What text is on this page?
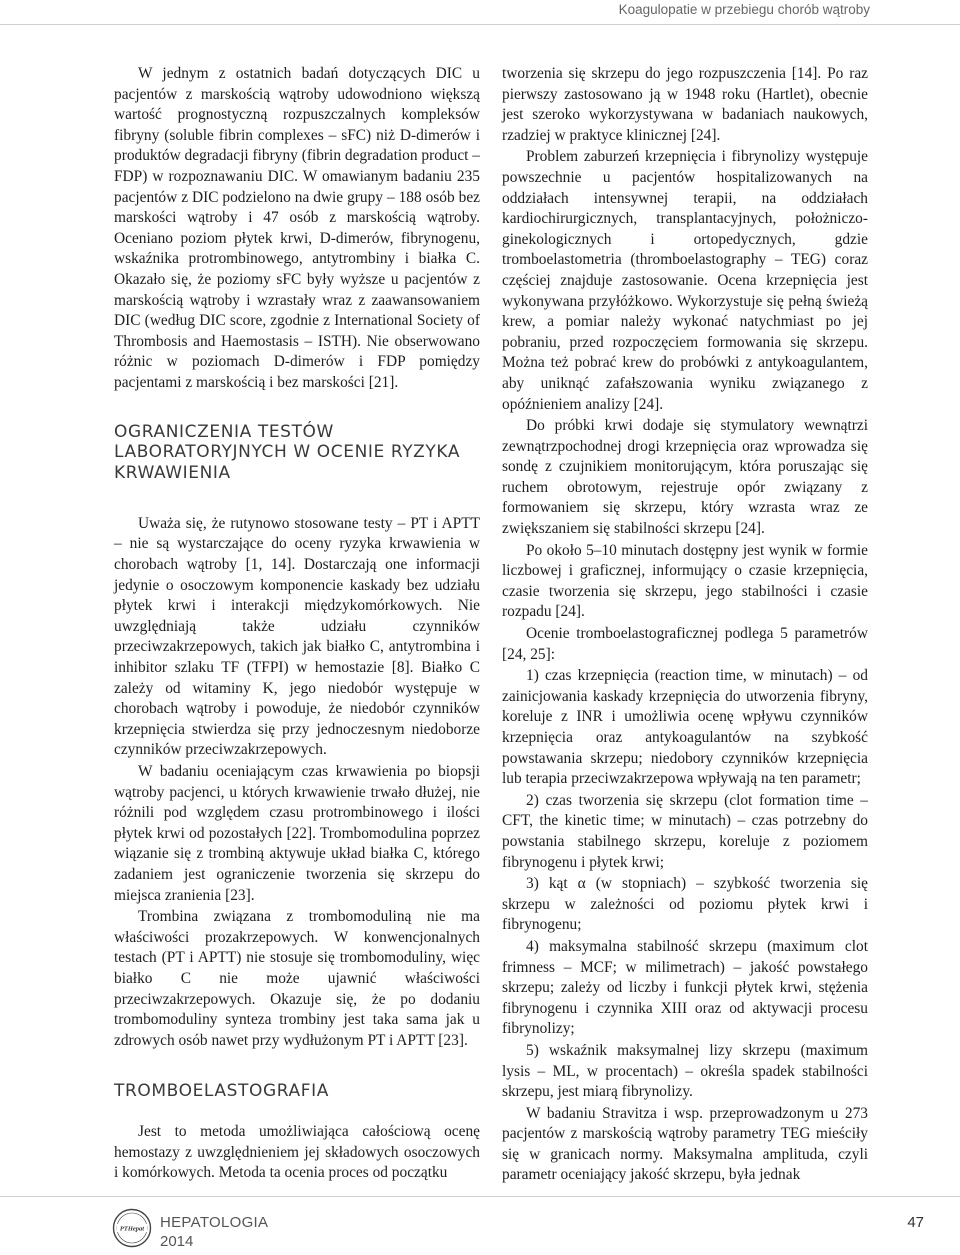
Koagulopatie w przebiegu chorób wątroby

W jednym z ostatnich badań dotyczących DIC u pacjentów z marskością wątroby udowodniono większą wartość prognostyczną rozpuszczalnych kompleksów fibryny (soluble fibrin complexes – sFC) niż D-dimerów i produktów degradacji fibryny (fibrin degradation product – FDP) w rozpoznawaniu DIC. W omawianym badaniu 235 pacjentów z DIC podzielono na dwie grupy – 188 osób bez marskości wątroby i 47 osób z marskością wątroby. Oceniano poziom płytek krwi, D-dimerów, fibrynogenu, wskaźnika protrombinowego, antytrombiny i białka C. Okazało się, że poziomy sFC były wyższe u pacjentów z marskością wątroby i wzrastały wraz z zaawansowaniem DIC (według DIC score, zgodnie z International Society of Thrombosis and Haemostasis – ISTH). Nie obserwowano różnic w poziomach D-dimerów i FDP pomiędzy pacjentami z marskością i bez marskości [21].

OGRANICZENIA TESTÓW LABORATORYJNYCH W OCENIE RYZYKA KRWAWIENIA

Uważa się, że rutynowo stosowane testy – PT i APTT – nie są wystarczające do oceny ryzyka krwawienia w chorobach wątroby [1, 14]. Dostarczają one informacji jedynie o osoczowym komponencie kaskady bez udziału płytek krwi i interakcji międzykomórkowych. Nie uwzględniają także udziału czynników przeciwzakrzepowych, takich jak białko C, antytrombina i inhibitor szlaku TF (TFPI) w hemostazie [8]. Białko C zależy od witaminy K, jego niedobór występuje w chorobach wątroby i powoduje, że niedobór czynników krzepnięcia stwierdza się przy jednoczesnym niedoborze czynników przeciwzakrzepowych.

W badaniu oceniającym czas krwawienia po biopsji wątroby pacjenci, u których krwawienie trwało dłużej, nie różnili pod względem czasu protrombinowego i ilości płytek krwi od pozostałych [22]. Trombomodulina poprzez wiązanie się z trombiną aktywuje układ białka C, którego zadaniem jest ograniczenie tworzenia się skrzepu do miejsca zranienia [23].

Trombina związana z trombomoduliną nie ma właściwości prozakrzepowych. W konwencjonalnych testach (PT i APTT) nie stosuje się trombomoduliny, więc białko C nie może ujawnić właściwości przeciwzakrzepowych. Okazuje się, że po dodaniu trombomoduliny synteza trombiny jest taka sama jak u zdrowych osób nawet przy wydłużonym PT i APTT [23].

TROMBOELASTOGRAFIA

Jest to metoda umożliwiająca całościową ocenę hemostazy z uwzględnieniem jej składowych osoczowych i komórkowych. Metoda ta ocenia proces od początku

tworzenia się skrzepu do jego rozpuszczenia [14]. Po raz pierwszy zastosowano ją w 1948 roku (Hartlet), obecnie jest szeroko wykorzystywana w badaniach naukowych, rzadziej w praktyce klinicznej [24].

Problem zaburzeń krzepnięcia i fibrynolizy występuje powszechnie u pacjentów hospitalizowanych na oddziałach intensywnej terapii, na oddziałach kardiochirurgicznych, transplantacyjnych, położniczo-ginekologicznych i ortopedycznych, gdzie tromboelastometria (thromboelastography – TEG) coraz częściej znajduje zastosowanie. Ocena krzepnięcia jest wykonywana przyłóżkowo. Wykorzystuje się pełną świeżą krew, a pomiar należy wykonać natychmiast po jej pobraniu, przed rozpoczęciem formowania się skrzepu. Można też pobrać krew do probówki z antykoagulantem, aby uniknąć zafałszowania wyniku związanego z opóźnieniem analizy [24].

Do próbki krwi dodaje się stymulatory wewnątrzi zewnątrzpochodnej drogi krzepnięcia oraz wprowadza się sondę z czujnikiem monitorującym, która poruszając się ruchem obrotowym, rejestruje opór związany z formowaniem się skrzepu, który wzrasta wraz ze zwiększaniem się stabilności skrzepu [24].

Po około 5–10 minutach dostępny jest wynik w formie liczbowej i graficznej, informujący o czasie krzepnięcia, czasie tworzenia się skrzepu, jego stabilności i czasie rozpadu [24].

Ocenie tromboelastograficznej podlega 5 parametrów [24, 25]:

1) czas krzepnięcia (reaction time, w minutach) – od zainicjowania kaskady krzepnięcia do utworzenia fibryny, koreluje z INR i umożliwia ocenę wpływu czynników krzepnięcia oraz antykoagulantów na szybkość powstawania skrzepu; niedobory czynników krzepnięcia lub terapia przeciwzakrzepowa wpływają na ten parametr;

2) czas tworzenia się skrzepu (clot formation time – CFT, the kinetic time; w minutach) – czas potrzebny do powstania stabilnego skrzepu, koreluje z poziomem fibrynogenu i płytek krwi;

3) kąt α (w stopniach) – szybkość tworzenia się skrzepu w zależności od poziomu płytek krwi i fibrynogenu;

4) maksymalna stabilność skrzepu (maximum clot frimness – MCF; w milimetrach) – jakość powstałego skrzepu; zależy od liczby i funkcji płytek krwi, stężenia fibrynogenu i czynnika XIII oraz od aktywacji procesu fibrynolizy;

5) wskaźnik maksymalnej lizy skrzepu (maximum lysis – ML, w procentach) – określa spadek stabilności skrzepu, jest miarą fibrynolizy.

W badaniu Stravitza i wsp. przeprowadzonym u 273 pacjentów z marskością wątroby parametry TEG mieściły się w granicach normy. Maksymalna amplituda, czyli parametr oceniający jakość skrzepu, była jednak

PTHepat HEPATOLOGIA
2014
47
